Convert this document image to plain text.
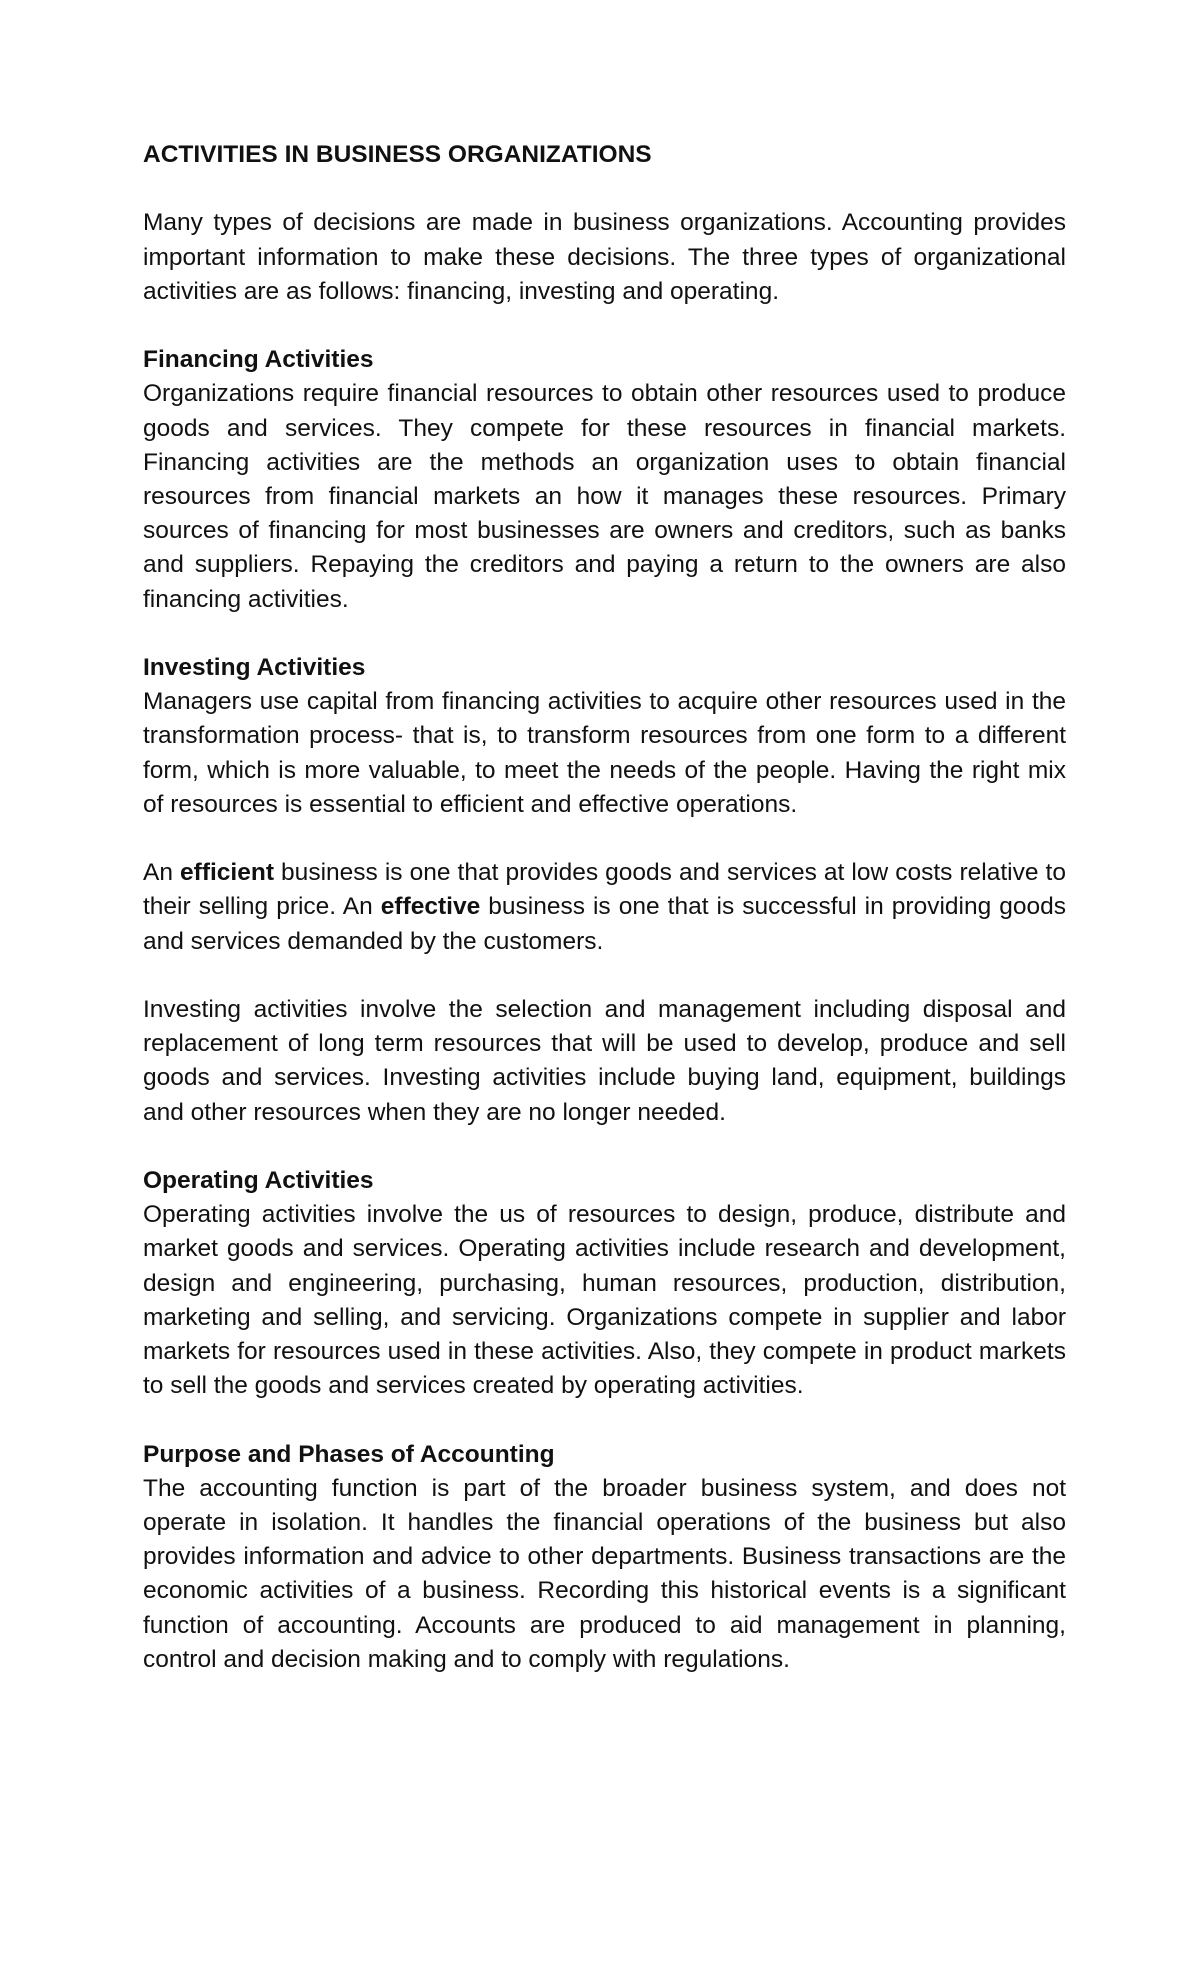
ACTIVITIES IN BUSINESS ORGANIZATIONS

Many types of decisions are made in business organizations. Accounting provides important information to make these decisions. The three types of organizational activities are as follows: financing, investing and operating.

Financing Activities

Organizations require financial resources to obtain other resources used to produce goods and services. They compete for these resources in financial markets. Financing activities are the methods an organization uses to obtain financial resources from financial markets an how it manages these resources. Primary sources of financing for most businesses are owners and creditors, such as banks and suppliers. Repaying the creditors and paying a return to the owners are also financing activities.

Investing Activities

Managers use capital from financing activities to acquire other resources used in the transformation process- that is, to transform resources from one form to a different form, which is more valuable, to meet the needs of the people. Having the right mix of resources is essential to efficient and effective operations.

An efficient business is one that provides goods and services at low costs relative to their selling price. An effective business is one that is successful in providing goods and services demanded by the customers.

Investing activities involve the selection and management including disposal and replacement of long term resources that will be used to develop, produce and sell goods and services. Investing activities include buying land, equipment, buildings and other resources when they are no longer needed.

Operating Activities

Operating activities involve the us of resources to design, produce, distribute and market goods and services. Operating activities include research and development, design and engineering, purchasing, human resources, production, distribution, marketing and selling, and servicing. Organizations compete in supplier and labor markets for resources used in these activities. Also, they compete in product markets to sell the goods and services created by operating activities.

Purpose and Phases of Accounting

The accounting function is part of the broader business system, and does not operate in isolation. It handles the financial operations of the business but also provides information and advice to other departments. Business transactions are the economic activities of a business. Recording this historical events is a significant function of accounting. Accounts are produced to aid management in planning, control and decision making and to comply with regulations.
